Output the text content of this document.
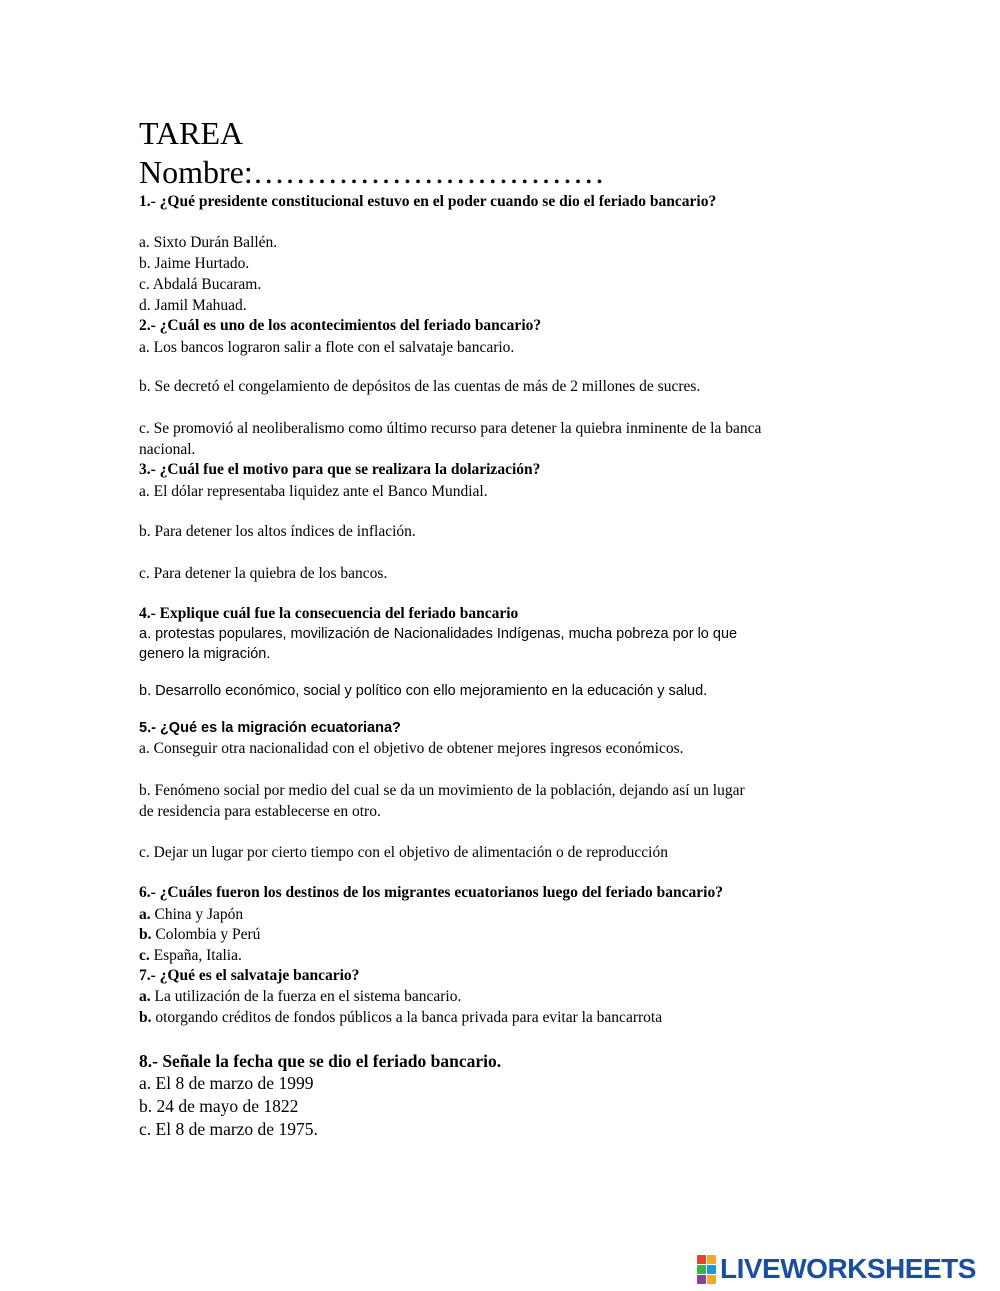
TAREA
Nombre:……………………………
1.- ¿Qué presidente constitucional estuvo en el poder cuando se dio el feriado bancario?
a. Sixto Durán Ballén.
b. Jaime Hurtado.
c. Abdalá Bucaram.
d. Jamil Mahuad.
2.- ¿Cuál es uno de los acontecimientos del feriado bancario?
a. Los bancos lograron salir a flote con el salvataje bancario.
b. Se decretó el congelamiento de depósitos de las cuentas de más de 2 millones de sucres.
c. Se promovió al neoliberalismo como último recurso para detener la quiebra inminente de la banca
nacional.
3.- ¿Cuál fue el motivo para que se realizara la dolarización?
a. El dólar representaba liquidez ante el Banco Mundial.
b. Para detener los altos índices de inflación.
c. Para detener la quiebra de los bancos.
4.- Explique cuál fue la consecuencia del feriado bancario
a. protestas populares, movilización de Nacionalidades Indígenas, mucha pobreza por lo que
genero la migración.
b. Desarrollo económico, social y político con ello mejoramiento en la educación y salud.
5.- ¿Qué es la migración ecuatoriana?
a. Conseguir otra nacionalidad con el objetivo de obtener mejores ingresos económicos.
b. Fenómeno social por medio del cual se da un movimiento de la población, dejando así un lugar
de residencia para establecerse en otro.
c. Dejar un lugar por cierto tiempo con el objetivo de alimentación o de reproducción
6.- ¿Cuáles fueron los destinos de los migrantes ecuatorianos luego del feriado bancario?
a. China y Japón
b. Colombia y Perú
c. España, Italia.
7.- ¿Qué es el salvataje bancario?
a. La utilización de la fuerza en el sistema bancario.
b. otorgando créditos de fondos públicos a la banca privada para evitar la bancarrota
8.- Señale la fecha que se dio el feriado bancario.
a. El 8 de marzo de 1999
b. 24 de mayo de 1822
c. El 8 de marzo de 1975.
LIVEWORKSHEETS
